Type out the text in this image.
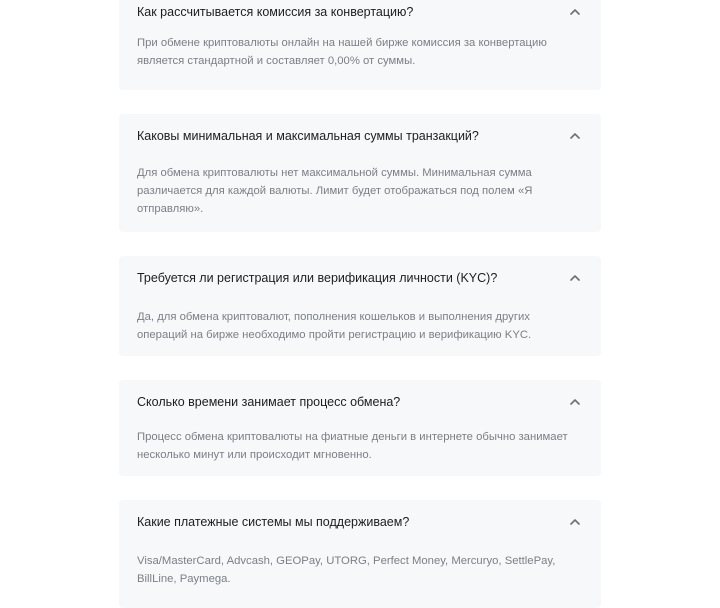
Как рассчитывается комиссия за конвертацию?

При обмене криптовалюты онлайн на нашей бирже комиссия за конвертацию является стандартной и составляет 0,00% от суммы.

Каковы минимальная и максимальная суммы транзакций?

Для обмена криптовалюты нет максимальной суммы. Минимальная сумма различается для каждой валюты. Лимит будет отображаться под полем «Я отправляю».

Требуется ли регистрация или верификация личности (KYC)?

Да, для обмена криптовалют, пополнения кошельков и выполнения других операций на бирже необходимо пройти регистрацию и верификацию KYC.

Сколько времени занимает процесс обмена?

Процесс обмена криптовалюты на фиатные деньги в интернете обычно занимает несколько минут или происходит мгновенно.

Какие платежные системы мы поддерживаем?

Visa/MasterCard, Advcash, GEOPay, UTORG, Perfect Money, Mercuryo, SettlePay, BillLine, Paymega.
